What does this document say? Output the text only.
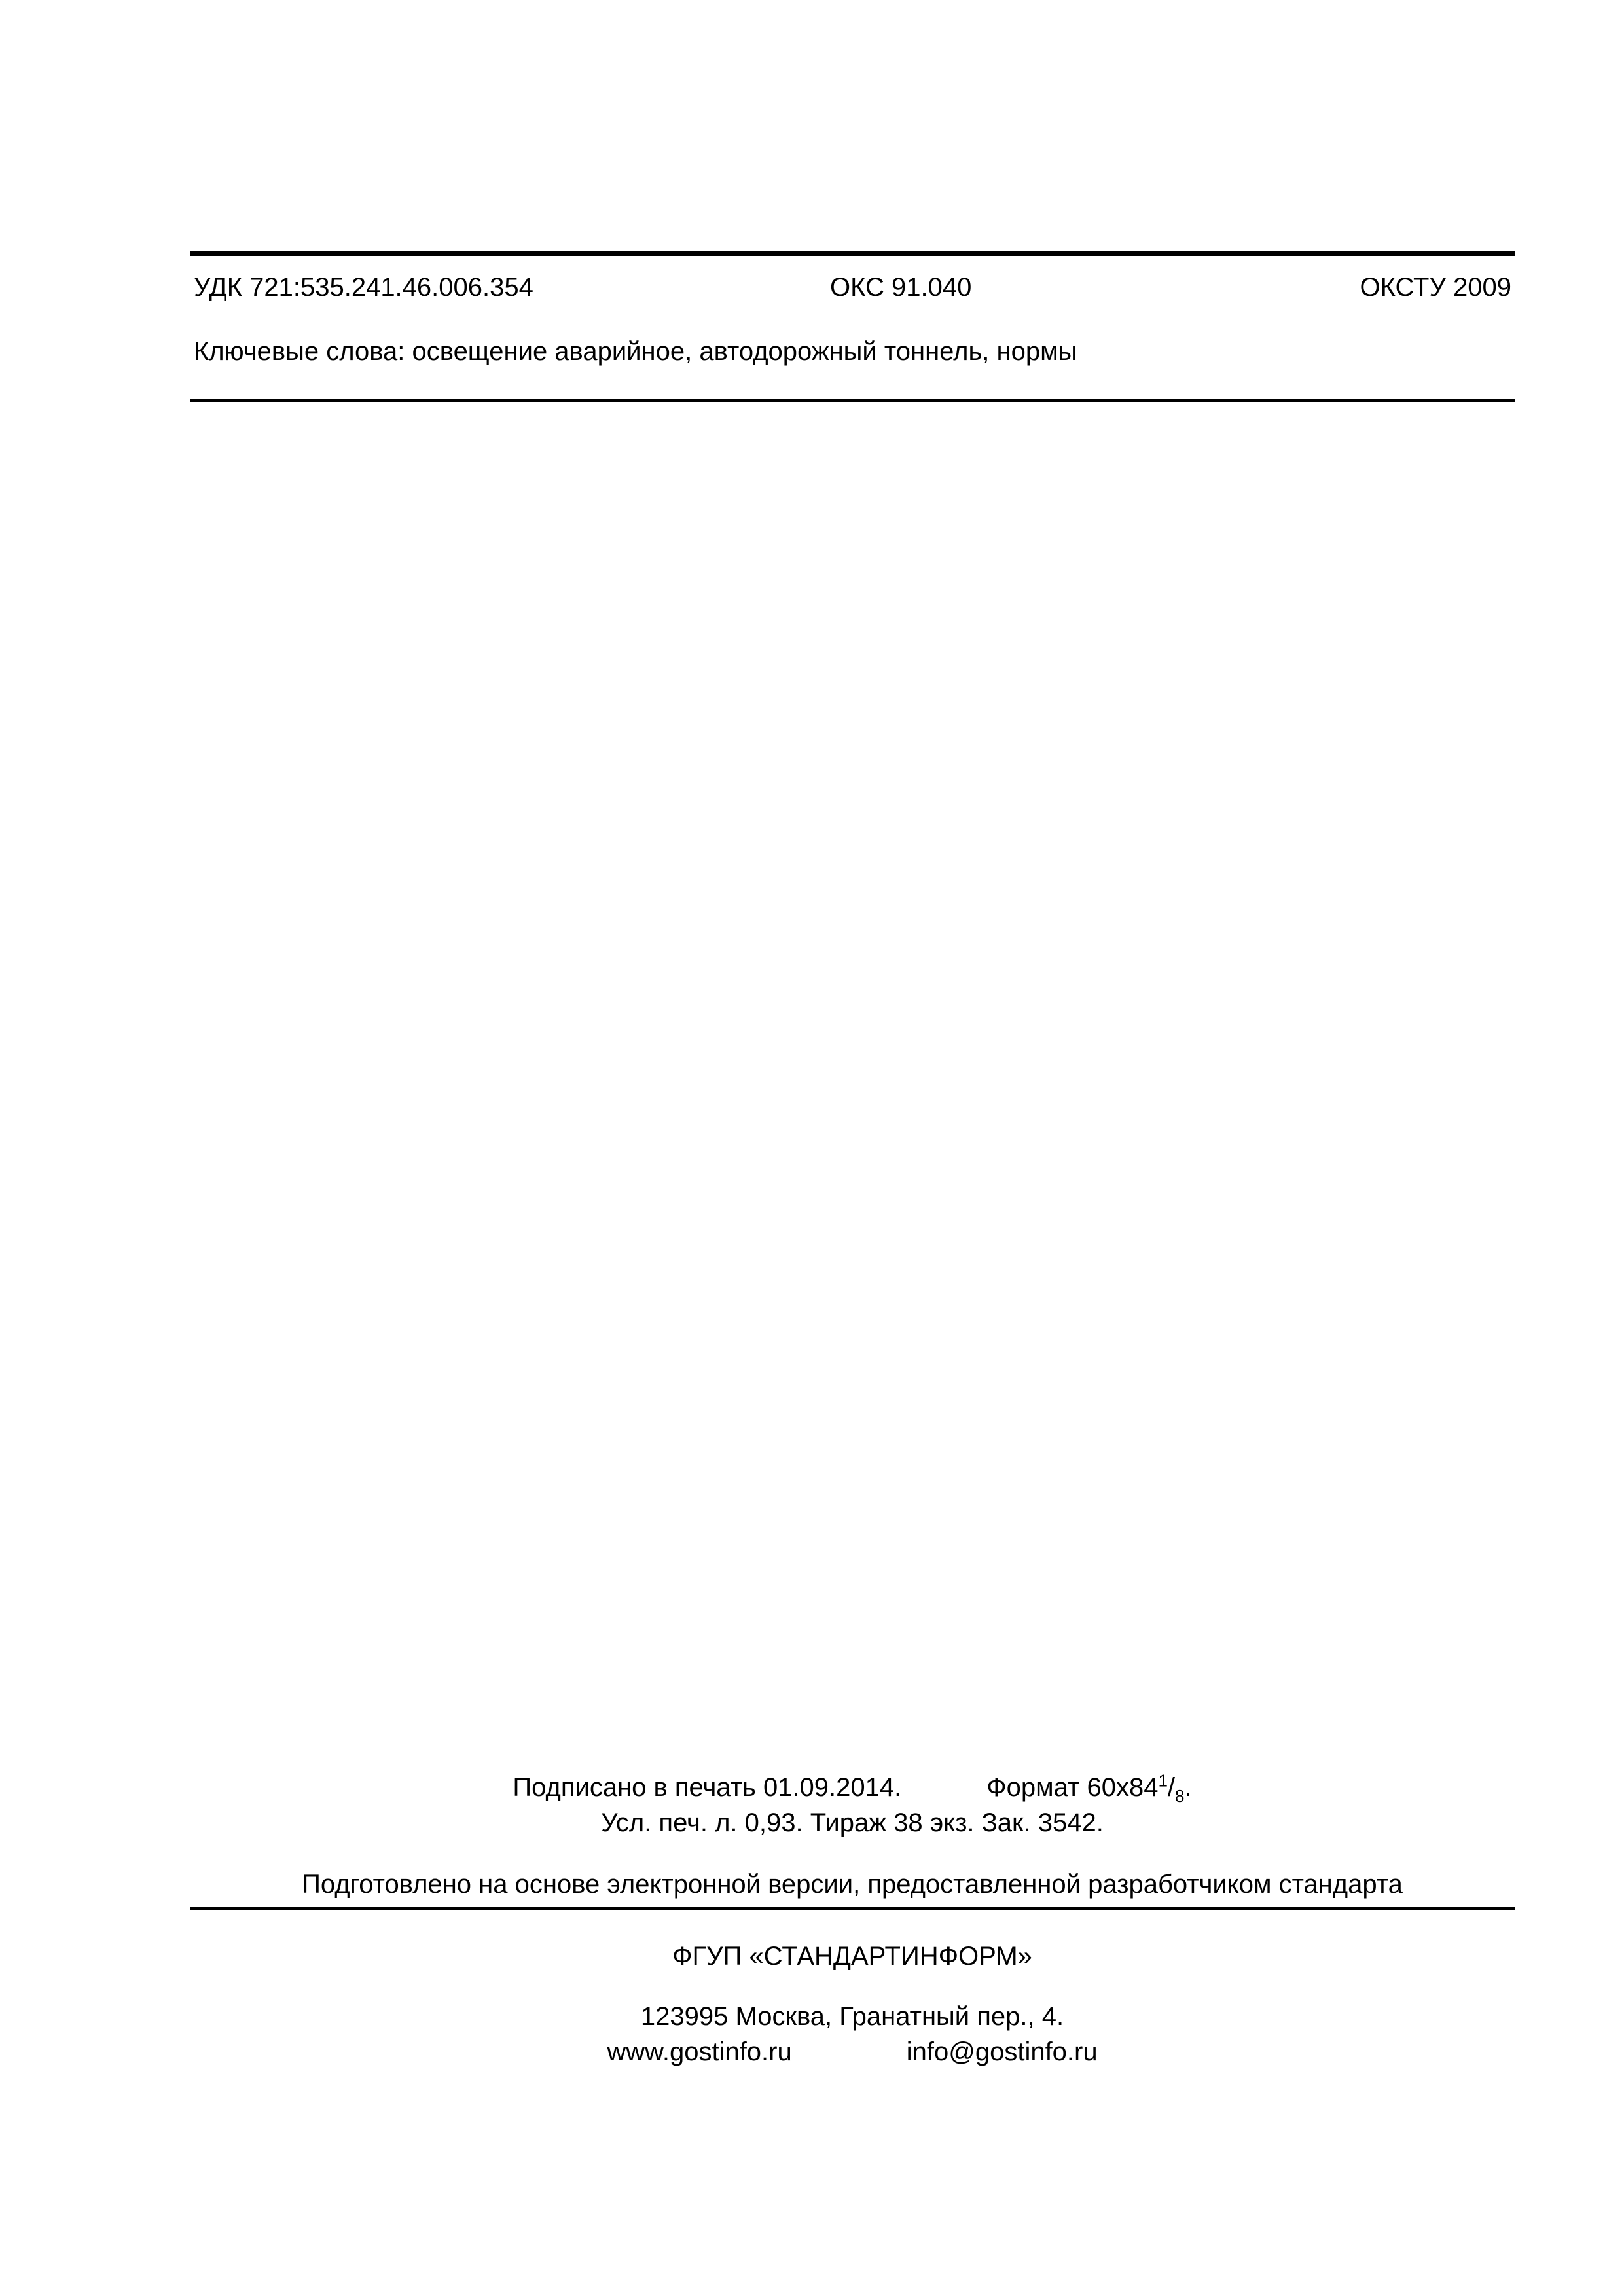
УДК 721:535.241.46.006.354	ОКС 91.040	ОКСТУ 2009
Ключевые слова: освещение аварийное, автодорожный тоннель, нормы
Подписано в печать 01.09.2014.	Формат $60x84^1/_8$.
Усл. печ. л. 0,93. Тираж 38 экз. Зак. 3542.
Подготовлено на основе электронной версии, предоставленной разработчиком стандарта
ФГУП «СТАНДАРТИНФОРМ»
123995 Москва, Гранатный пер., 4.
www.gostinfo.ru	info@gostinfo.ru
